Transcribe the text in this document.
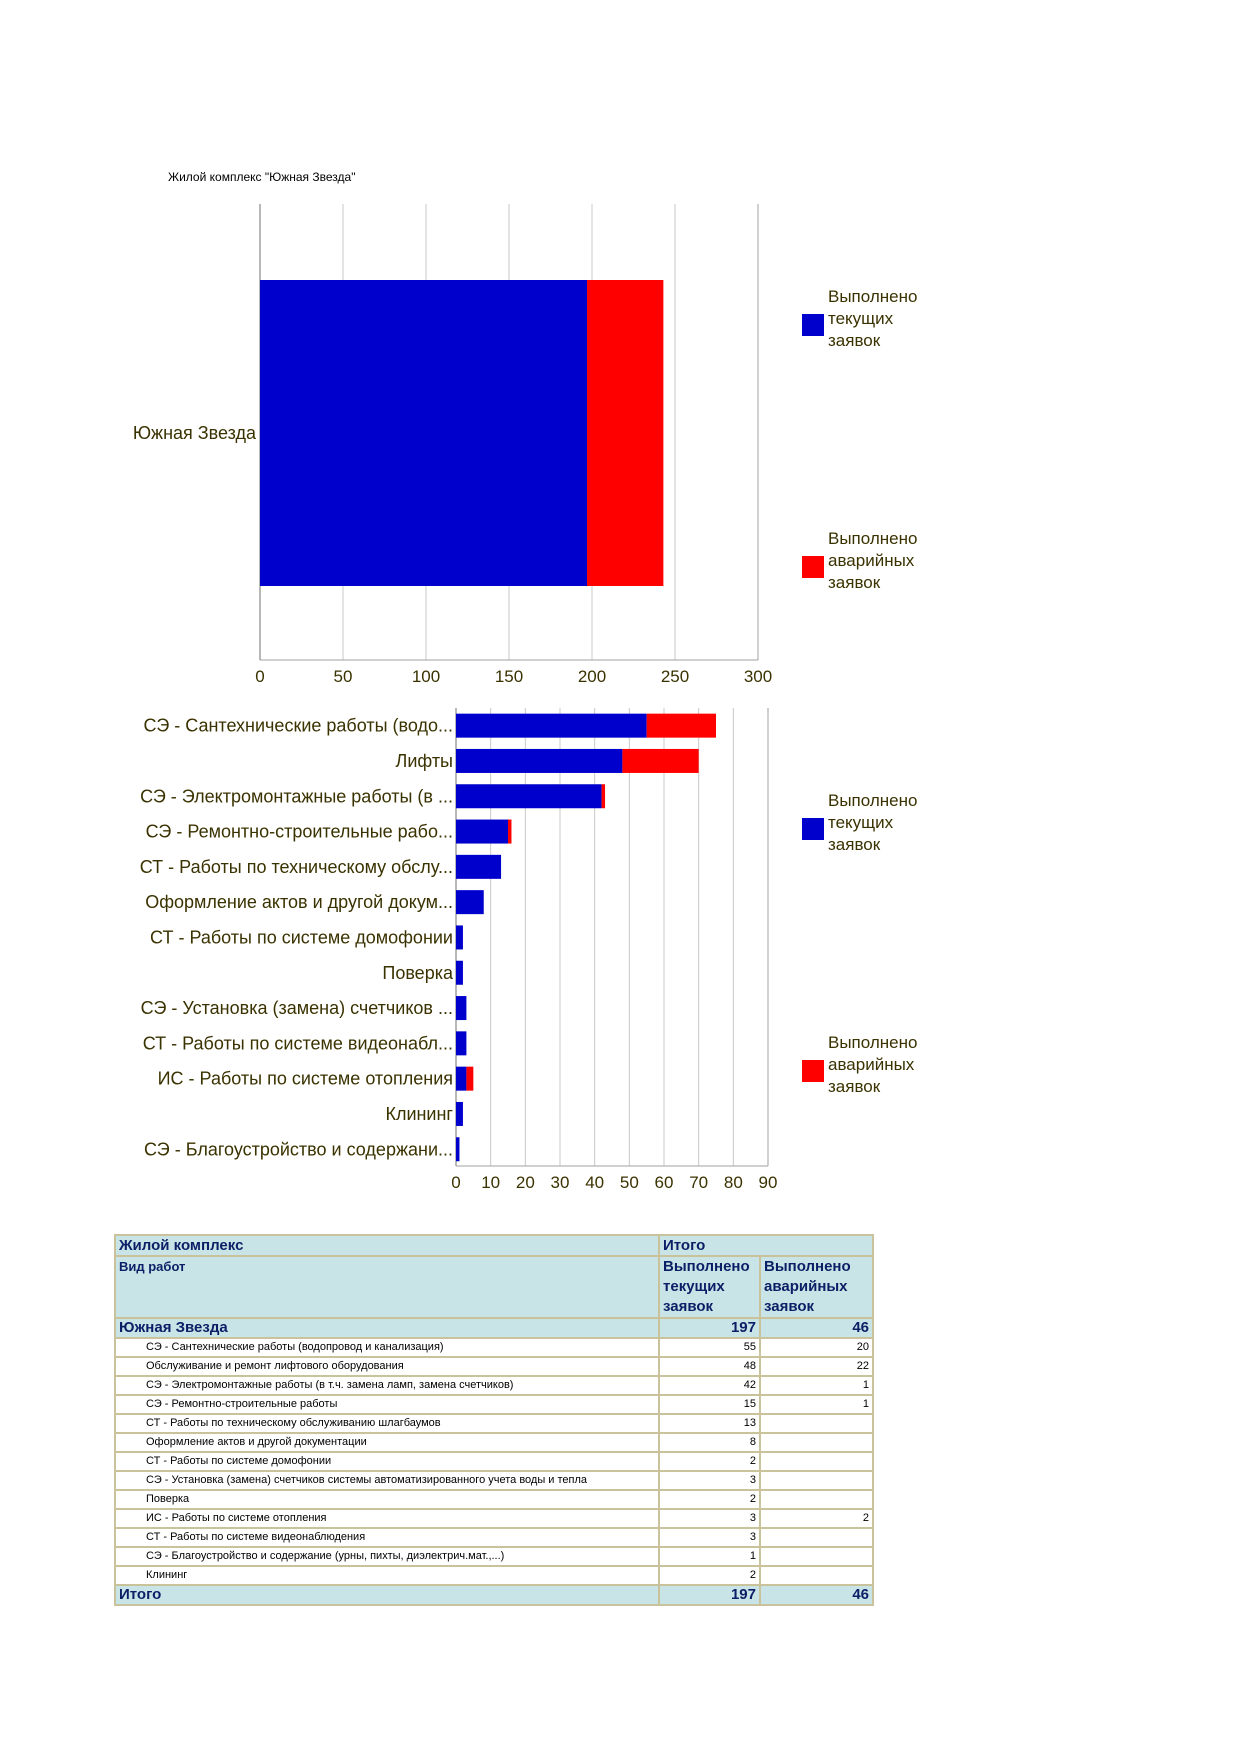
Жилой комплекс "Южная Звезда"
0	50	100	150	200	250	300
Южная Звезда
Выполнено текущих заявок
Выполнено аварийных заявок
0 10 20 30 40 50 60 70 80 90
СЭ - Сантехнические работы (водо...
Лифты
СЭ - Электромонтажные работы (в ...
СЭ - Ремонтно-строительные рабо...
СТ - Работы по техническому обслу...
Оформление актов и другой докум...
СТ - Работы по системе домофонии
Поверка
СЭ - Установка (замена) счетчиков ...
СТ - Работы по системе видеонабл...
ИС - Работы по системе отопления
Клининг
СЭ - Благоустройство и содержани...
Выполнено текущих заявок
Выполнено аварийных заявок
Жилой комплекс	Итого	
Вид работ	Выполнено текущих заявок	Выполнено аварийных заявок
Южная Звезда	197	46
СЭ - Сантехнические работы (водопровод и канализация)	55	20
Обслуживание и ремонт лифтового оборудования	48	22
СЭ - Электромонтажные работы (в т.ч. замена ламп, замена счетчиков)	42	1
СЭ - Ремонтно-строительные работы	15	1
СТ - Работы по техническому обслуживанию шлагбаумов	13	
Оформление актов и другой документации	8	
СТ - Работы по системе домофонии	2	
СЭ - Установка (замена) счетчиков системы автоматизированного учета воды и тепла	3	
Поверка	2	
ИС - Работы по системе отопления	3	2
СТ - Работы по системе видеонаблюдения	3	
СЭ - Благоустройство и содержание (урны, пихты, диэлектрич.мат.,...)	1	
Клининг	2	
Итого	197	46
